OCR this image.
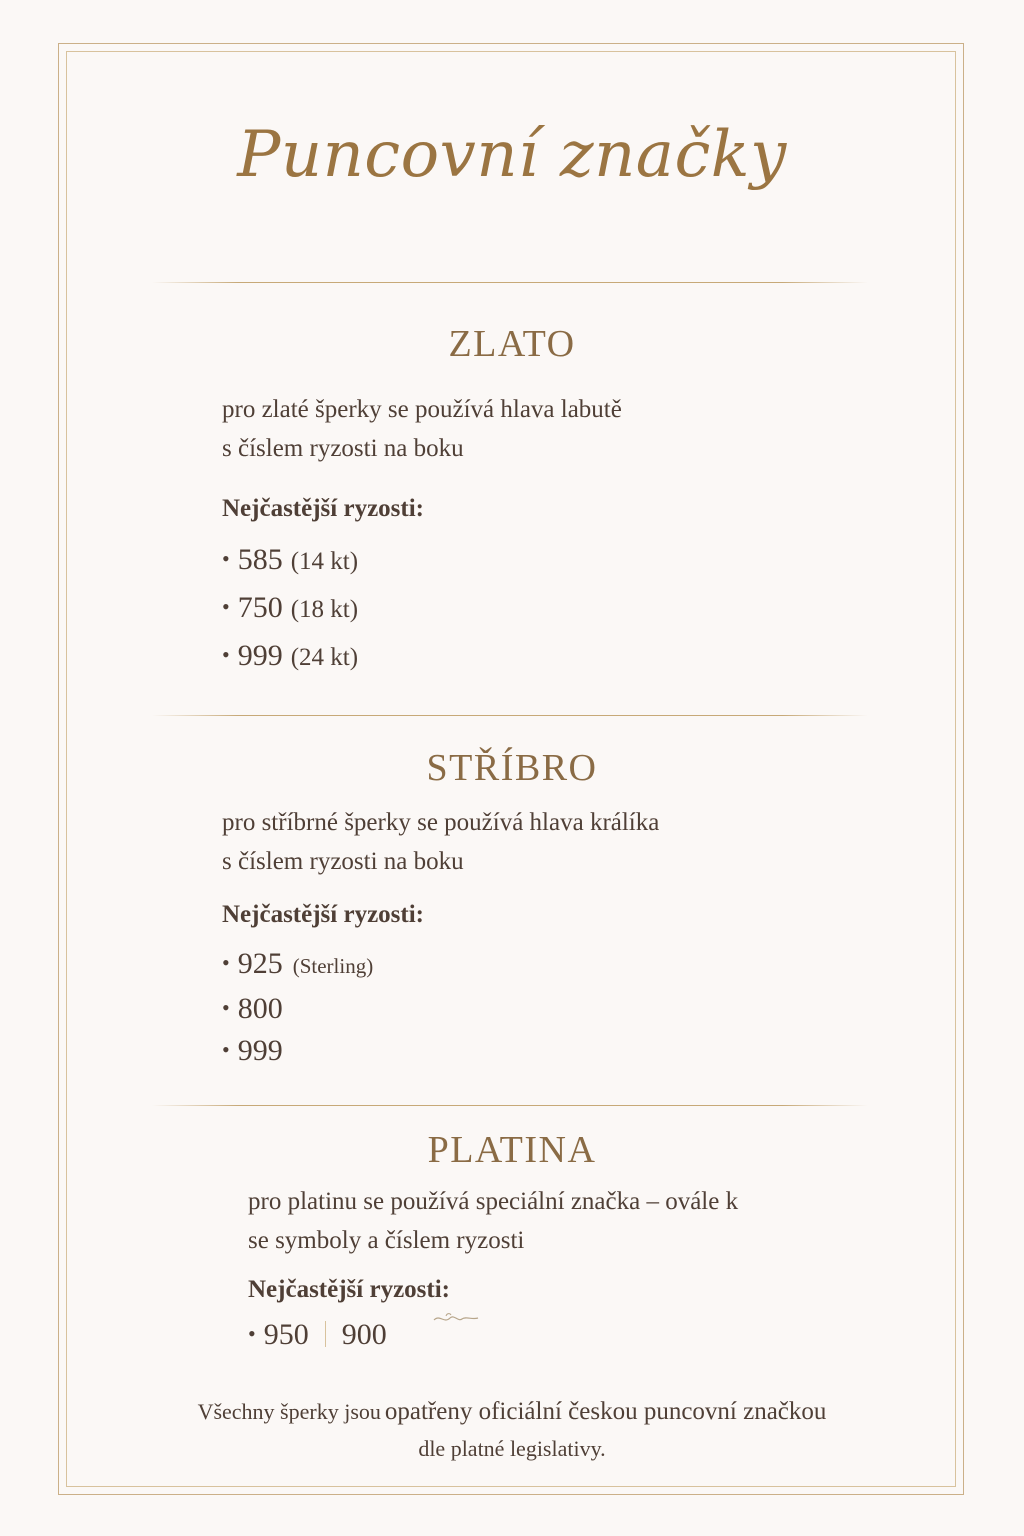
Puncovní značky
ZLATO
pro zlaté šperky se používá hlava labutě
s číslem ryzosti na boku
Nejčastější ryzosti:
• 585 (14 kt)
• 750 (18 kt)
• 999 (24 kt)
STŘÍBRO
pro stříbrné šperky se používá hlava králíka
s číslem ryzosti na boku
Nejčastější ryzosti:
• 925 (Sterling)
• 800
• 999
PLATINA
pro platinu se používá speciální značka – ovále k
se symboly a číslem ryzosti
Nejčastější ryzosti:
• 950 900
Všechny šperky jsou opatřeny oficiální českou puncovní značkou
dle platné legislativy.
